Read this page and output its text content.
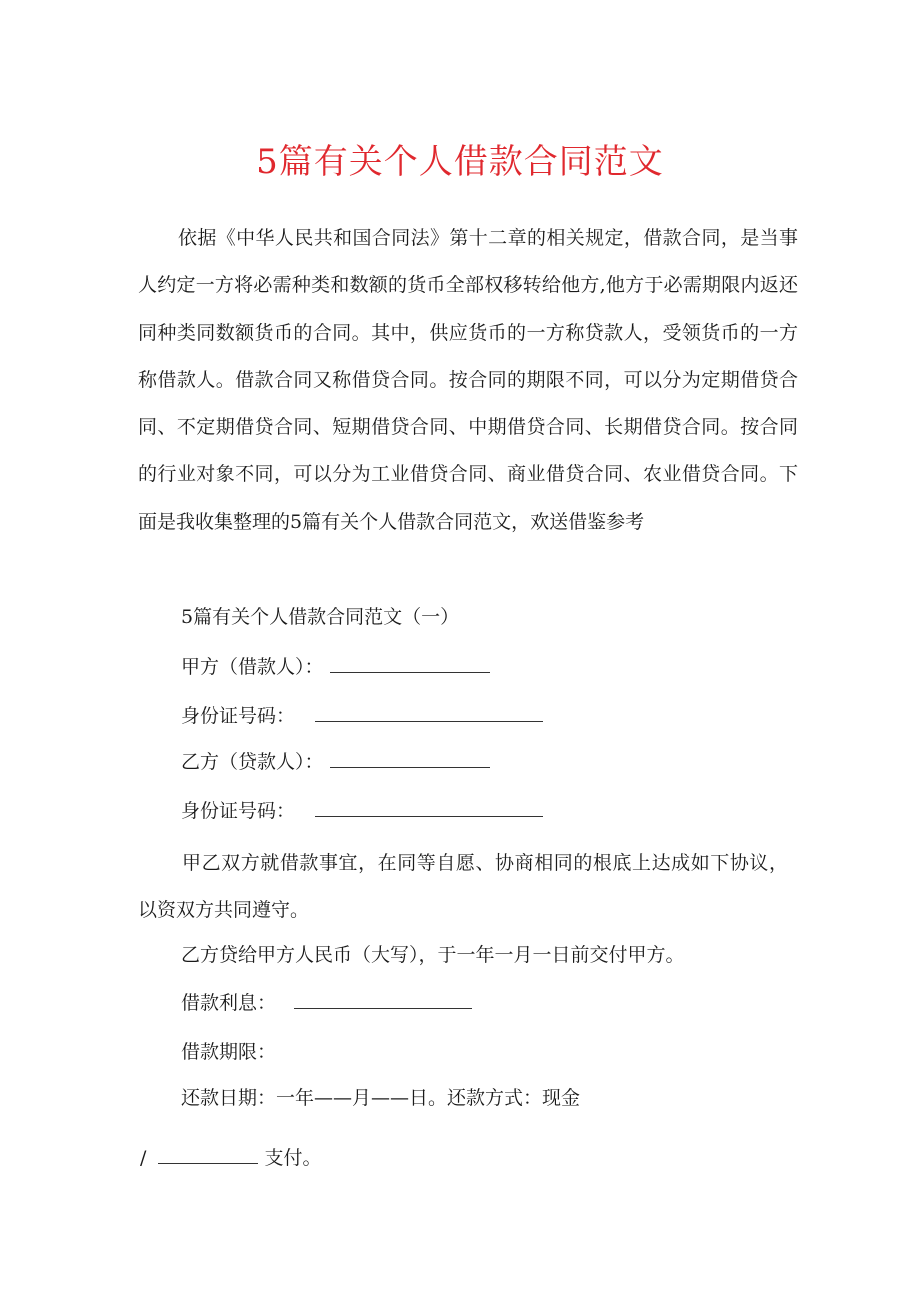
5篇有关个人借款合同范文

依据《中华人民共和国合同法》第十二章的相关规定，借款合同，是当事人约定一方将必需种类和数额的货币全部权移转给他方,他方于必需期限内返还同种类同数额货币的合同。其中，供应货币的一方称贷款人，受领货币的一方称借款人。借款合同又称借贷合同。按合同的期限不同，可以分为定期借贷合同、不定期借贷合同、短期借贷合同、中期借贷合同、长期借贷合同。按合同的行业对象不同，可以分为工业借贷合同、商业借贷合同、农业借贷合同。下面是我收集整理的5篇有关个人借款合同范文，欢送借鉴参考

5篇有关个人借款合同范文（一）

甲方（借款人）：

身份证号码：

乙方（贷款人）：

身份证号码：

甲乙双方就借款事宜，在同等自愿、协商相同的根底上达成如下协议，以资双方共同遵守。

乙方贷给甲方人民币（大写），于一年一月一日前交付甲方。

借款利息：

借款期限：

还款日期：一年——月——日。还款方式：现金

/	支付。
